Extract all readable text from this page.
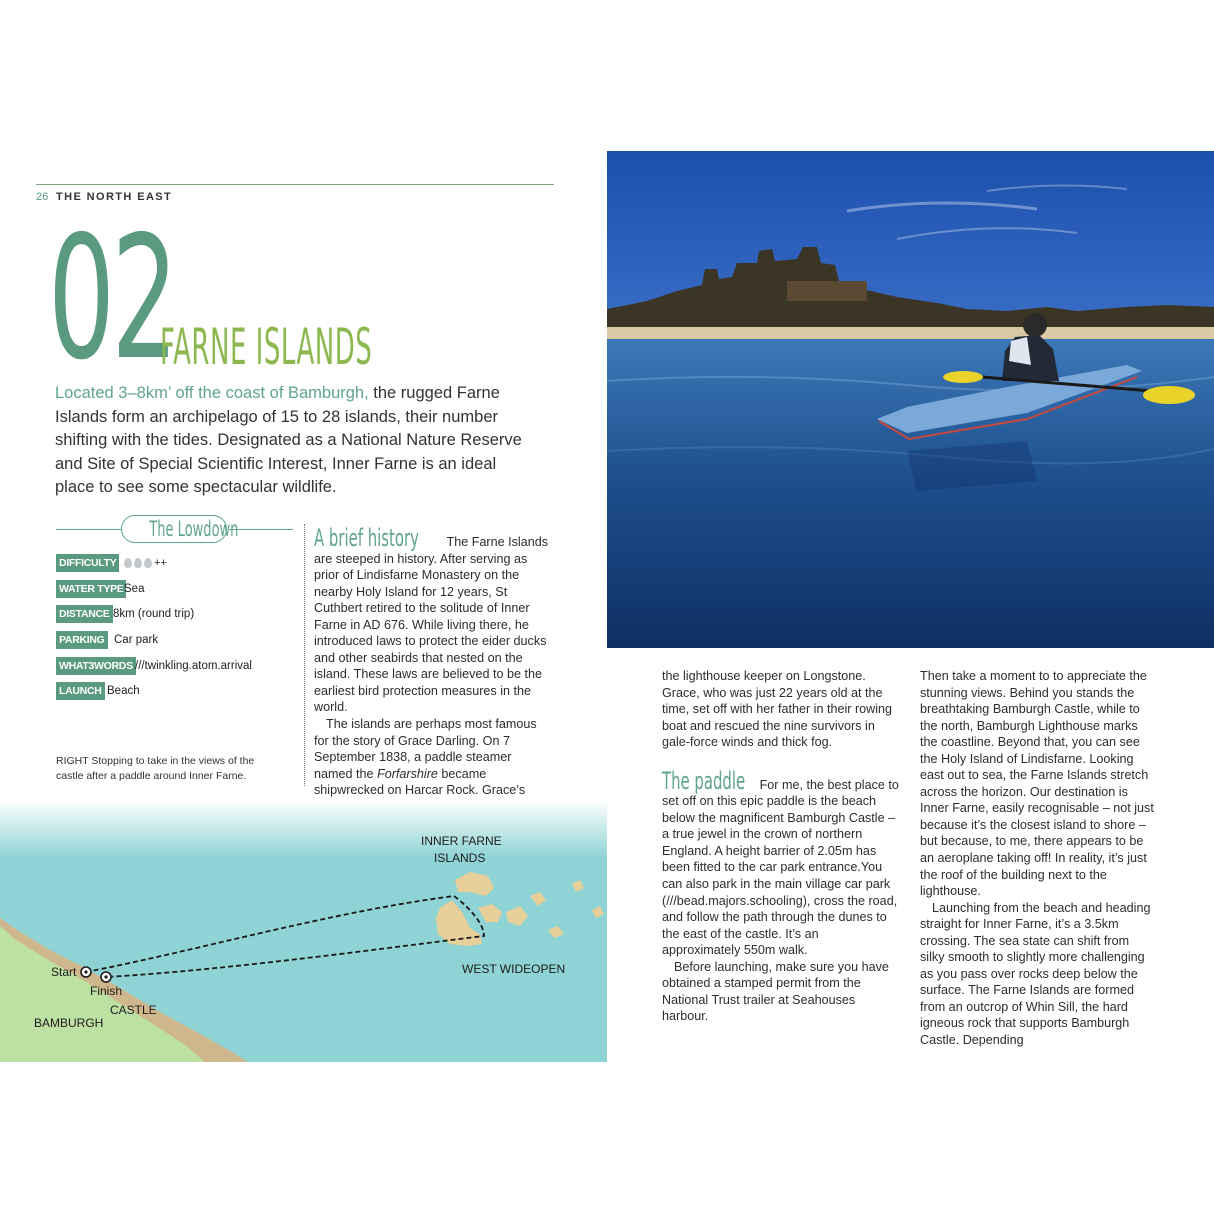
26 THE NORTH EAST
02
FARNE ISLANDS
Located 3–8km’ off the coast of Bamburgh, the rugged Farne Islands form an archipelago of 15 to 28 islands, their number shifting with the tides. Designated as a National Nature Reserve and Site of Special Scientific Interest, Inner Farne is an ideal place to see some spectacular wildlife.
The Lowdown
DIFFICULTY	++
WATER TYPE Sea
DISTANCE 8km (round trip)
PARKING Car park
WHAT3WORDS ///twinkling.atom.arrival
LAUNCH Beach
RIGHT Stopping to take in the views of the castle after a paddle around Inner Farne.

A brief history The Farne Islands are steeped in history. After serving as prior of Lindisfarne Monastery on the nearby Holy Island for 12 years, St Cuthbert retired to the solitude of Inner Farne in AD 676. While living there, he introduced laws to protect the eider ducks and other seabirds that nested on the island. These laws are believed to be the earliest bird protection measures in the world.

The islands are perhaps most famous for the story of Grace Darling. On 7 September 1838, a paddle steamer named the Forfarshire became shipwrecked on Harcar Rock. Grace’s

the lighthouse keeper on Longstone. Grace, who was just 22 years old at the time, set off with her father in their rowing boat and rescued the nine survivors in gale-force winds and thick fog.

The paddle For me, the best place to set off on this epic paddle is the beach below the magnificent Bamburgh Castle – a true jewel in the crown of northern England. A height barrier of 2.05m has been fitted to the car park entrance.You can also park in the main village car park (///bead.majors.schooling), cross the road, and follow the path through the dunes to the east of the castle. It’s an approximately 550m walk.

Before launching, make sure you have obtained a stamped permit from the National Trust trailer at Seahouses harbour.

Then take a moment to to appreciate the stunning views. Behind you stands the breathtaking Bamburgh Castle, while to the north, Bamburgh Lighthouse marks the coastline. Beyond that, you can see the Holy Island of Lindisfarne. Looking east out to sea, the Farne Islands stretch across the horizon. Our destination is Inner Farne, easily recognisable – not just because it’s the closest island to shore – but because, to me, there appears to be an aeroplane taking off! In reality, it’s just the roof of the building next to the lighthouse.

Launching from the beach and heading straight for Inner Farne, it’s a 3.5km crossing. The sea state can shift from silky smooth to slightly more challenging as you pass over rocks deep below the surface. The Farne Islands are formed from an outcrop of Whin Sill, the hard igneous rock that supports Bamburgh Castle. Depending

INNER FARNE
ISLANDS
WEST WIDEOPEN
Start
Finish
CASTLE
BAMBURGH
